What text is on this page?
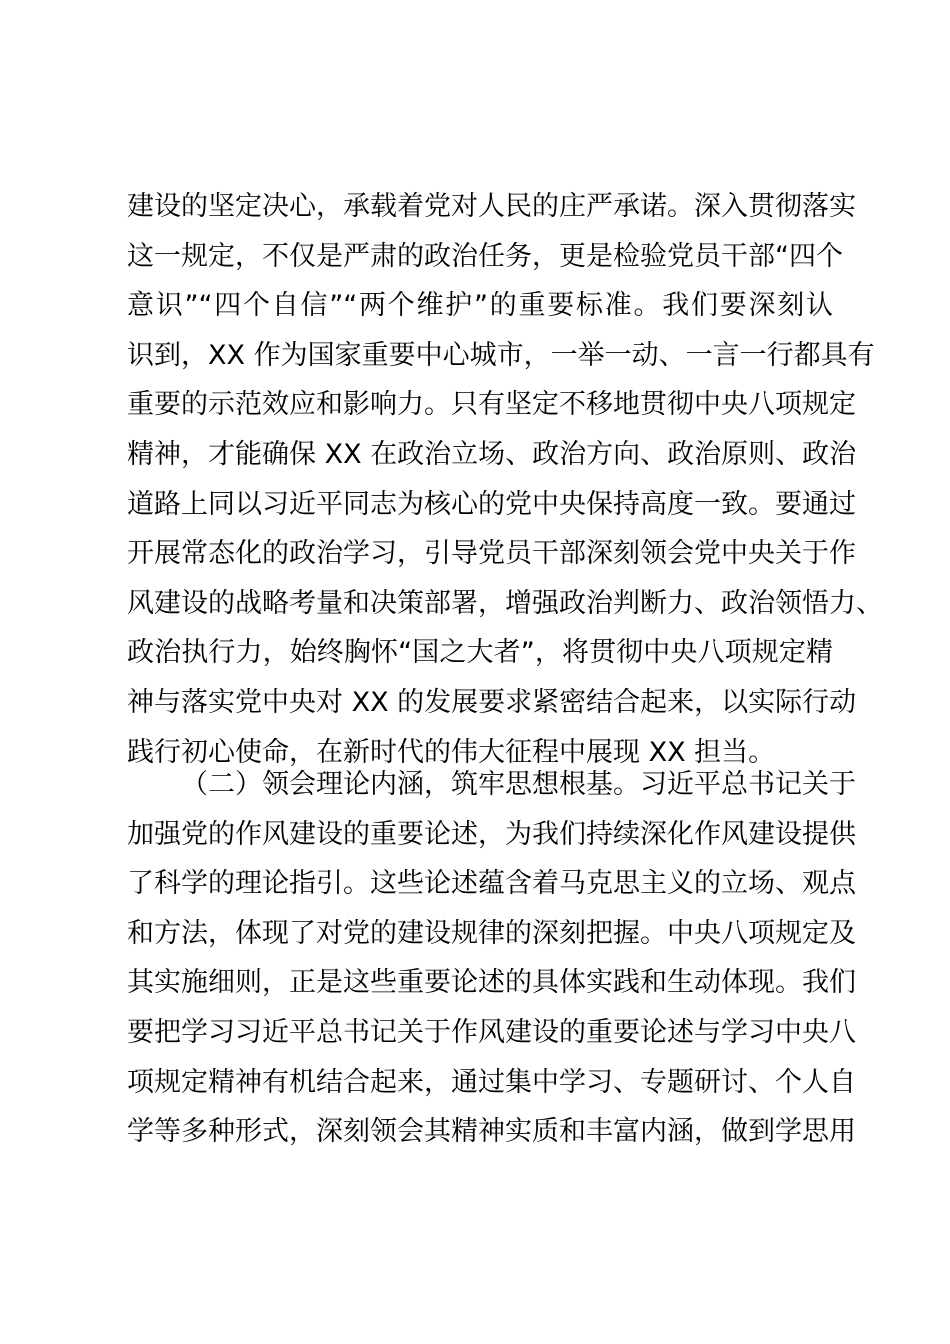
建设的坚定决心，承载着党对人民的庄严承诺。深入贯彻落实
这一规定，不仅是严肃的政治任务，更是检验党员干部“四个
意识”“四个自信”“两个维护”的重要标准。我们要深刻认
识到，XX 作为国家重要中心城市，一举一动、一言一行都具有
重要的示范效应和影响力。只有坚定不移地贯彻中央八项规定
精神，才能确保 XX 在政治立场、政治方向、政治原则、政治
道路上同以习近平同志为核心的党中央保持高度一致。要通过
开展常态化的政治学习，引导党员干部深刻领会党中央关于作
风建设的战略考量和决策部署，增强政治判断力、政治领悟力、
政治执行力，始终胸怀“国之大者”，将贯彻中央八项规定精
神与落实党中央对 XX 的发展要求紧密结合起来，以实际行动
践行初心使命，在新时代的伟大征程中展现 XX 担当。
（二）领会理论内涵，筑牢思想根基。习近平总书记关于
加强党的作风建设的重要论述，为我们持续深化作风建设提供
了科学的理论指引。这些论述蕴含着马克思主义的立场、观点
和方法，体现了对党的建设规律的深刻把握。中央八项规定及
其实施细则，正是这些重要论述的具体实践和生动体现。我们
要把学习习近平总书记关于作风建设的重要论述与学习中央八
项规定精神有机结合起来，通过集中学习、专题研讨、个人自
学等多种形式，深刻领会其精神实质和丰富内涵，做到学思用
